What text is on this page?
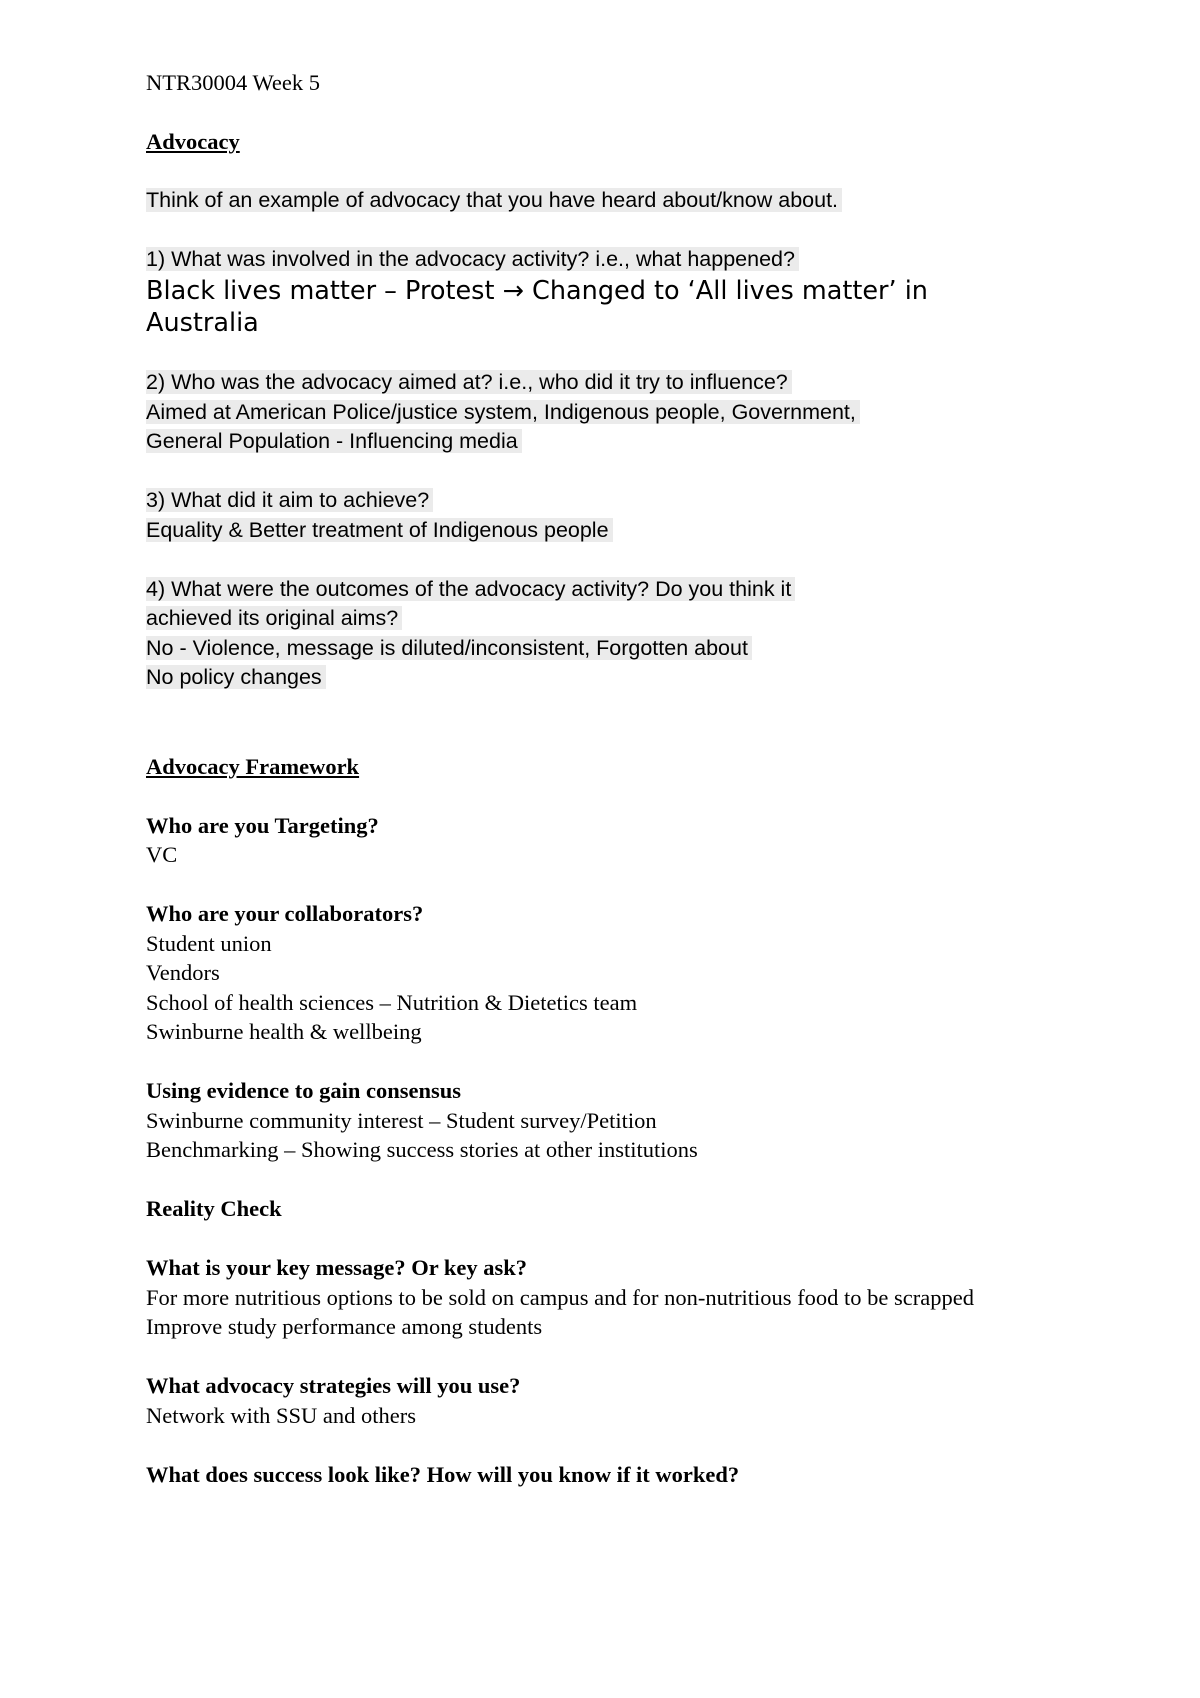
NTR30004 Week 5
Advocacy
Think of an example of advocacy that you have heard about/know about.
1) What was involved in the advocacy activity? i.e., what happened?
Black lives matter – Protest → Changed to ‘All lives matter’ in Australia
2) Who was the advocacy aimed at? i.e., who did it try to influence?
Aimed at American Police/justice system, Indigenous people, Government,
General Population - Influencing media
3) What did it aim to achieve?
Equality & Better treatment of Indigenous people
4) What were the outcomes of the advocacy activity? Do you think it
achieved its original aims?
No - Violence, message is diluted/inconsistent, Forgotten about
No policy changes
Advocacy Framework
Who are you Targeting?
VC
Who are your collaborators?
Student union
Vendors
School of health sciences – Nutrition & Dietetics team
Swinburne health & wellbeing
Using evidence to gain consensus
Swinburne community interest – Student survey/Petition
Benchmarking – Showing success stories at other institutions
Reality Check
What is your key message? Or key ask?
For more nutritious options to be sold on campus and for non-nutritious food to be scrapped
Improve study performance among students
What advocacy strategies will you use?
Network with SSU and others
What does success look like? How will you know if it worked?
